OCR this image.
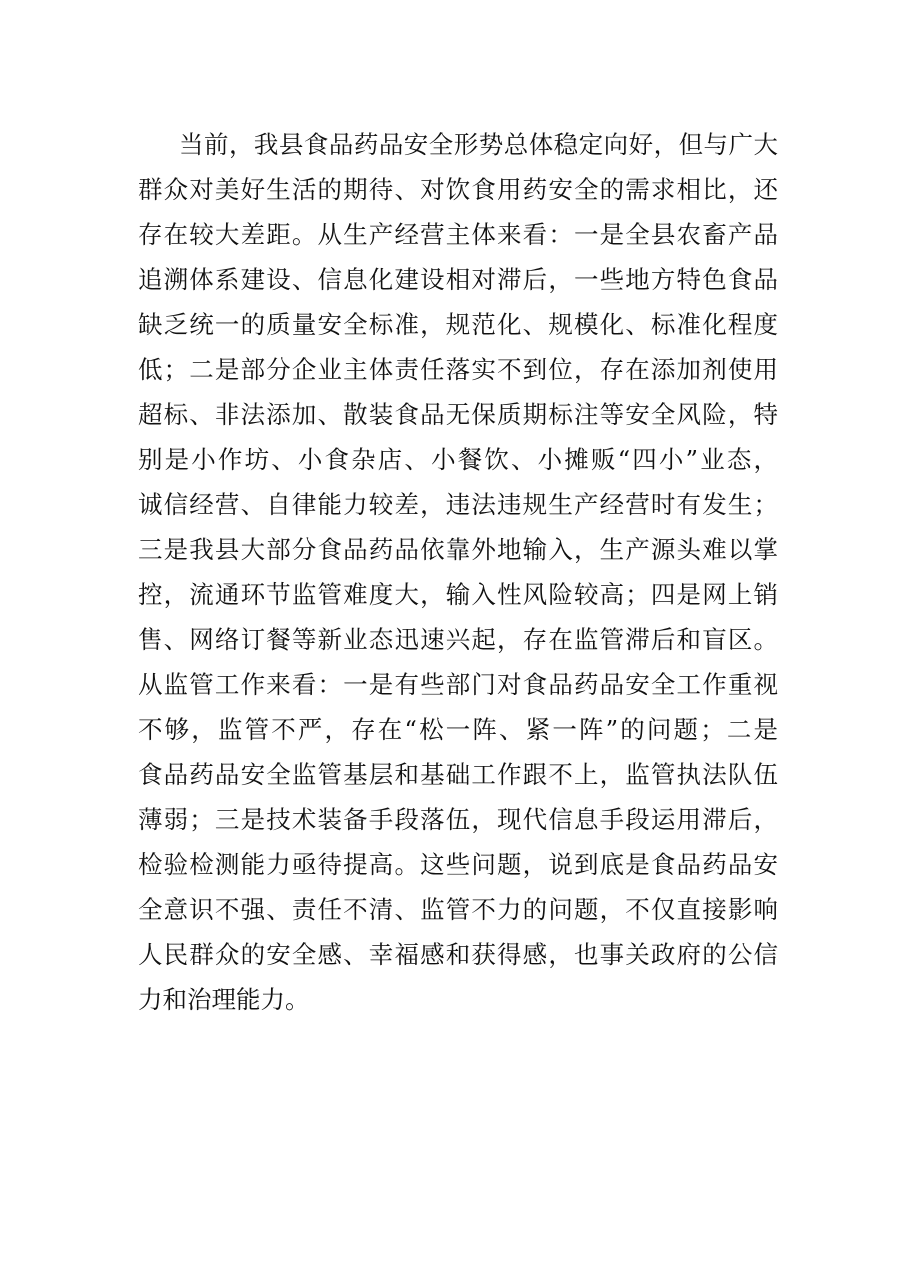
当前，我县食品药品安全形势总体稳定向好，但与广大
群众对美好生活的期待、对饮食用药安全的需求相比，还
存在较大差距。从生产经营主体来看：一是全县农畜产品
追溯体系建设、信息化建设相对滞后，一些地方特色食品
缺乏统一的质量安全标准，规范化、规模化、标准化程度
低；二是部分企业主体责任落实不到位，存在添加剂使用
超标、非法添加、散装食品无保质期标注等安全风险，特
别是小作坊、小食杂店、小餐饮、小摊贩“四小”业态，
诚信经营、自律能力较差，违法违规生产经营时有发生；
三是我县大部分食品药品依靠外地输入，生产源头难以掌
控，流通环节监管难度大，输入性风险较高；四是网上销
售、网络订餐等新业态迅速兴起，存在监管滞后和盲区。
从监管工作来看：一是有些部门对食品药品安全工作重视
不够，监管不严，存在“松一阵、紧一阵”的问题；二是
食品药品安全监管基层和基础工作跟不上，监管执法队伍
薄弱；三是技术装备手段落伍，现代信息手段运用滞后，
检验检测能力亟待提高。这些问题，说到底是食品药品安
全意识不强、责任不清、监管不力的问题，不仅直接影响
人民群众的安全感、幸福感和获得感，也事关政府的公信
力和治理能力。
